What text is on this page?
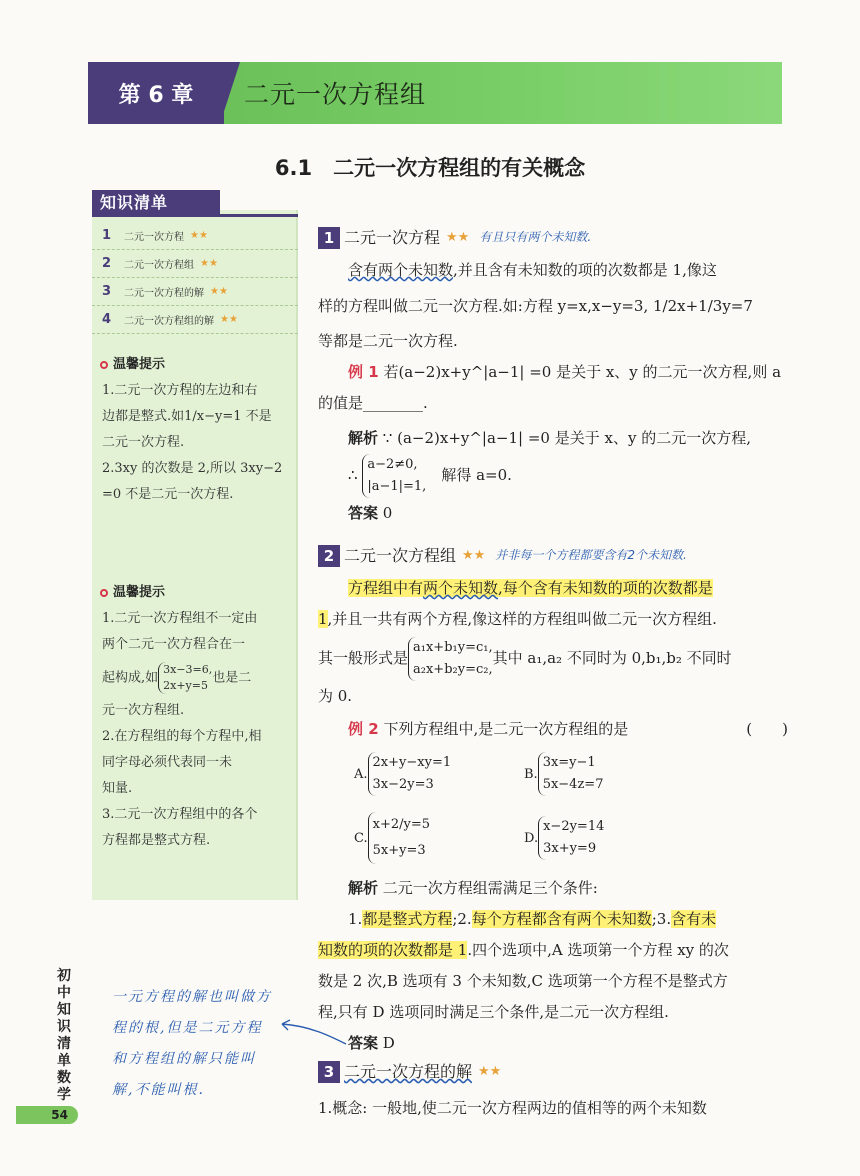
二元一次方程组
第 6 章
6.1　二元一次方程组的有关概念
知识清单
1	二元一次方程 ★★
2	二元一次方程组 ★★
3	二元一次方程的解 ★★
4	二元一次方程组的解 ★★
温馨提示

1.二元一次方程的左边和右

边都是整式.如1/x−y=1 不是

二元一次方程.

2.3xy 的次数是 2,所以 3xy−2

=0 不是二元一次方程.

温馨提示

1.二元一次方程组不一定由

两个二元一次方程合在一

起构成,如3x−3=6,
2x+y=5 也是二

元一次方程组.

2.在方程组的每个方程中,相

同字母必须代表同一未

知量.

3.二元一次方程组中的各个

方程都是整式方程.

初中知识清单　数学
一元方程的解也叫做方
程的根,但是二元方程
和方程组的解只能叫
解,不能叫根.
54
1 二元一次方程 ★★ 有且只有两个未知数.

含有两个未知数,并且含有未知数的项的次数都是 1,像这

样的方程叫做二元一次方程.如:方程 y=x,x−y=3, 1/2x+1/3y=7

等都是二元一次方程.

例 1 若(a−2)x+y^|a−1| =0 是关于 x、y 的二元一次方程,则 a

的值是________.

解析 ∵ (a−2)x+y^|a−1| =0 是关于 x、y 的二元一次方程,

∴ a−2≠0,
|a−1|=1,　解得 a=0.

答案 0

2 二元一次方程组 ★★ 并非每一个方程都要含有2个未知数.

方程组中有两个未知数,每个含有未知数的项的次数都是

1,并且一共有两个方程,像这样的方程组叫做二元一次方程组.

其一般形式是a₁x+b₁y=c₁,
a₂x+b₂y=c₂,其中 a₁,a₂ 不同时为 0,b₁,b₂ 不同时

为 0.

例 2 下列方程组中,是二元一次方程组的是	(　　)

A.
2x+y−xy=1
3x−2y=3
B.
3x=y−1
5x−4z=7
C.
x+2/y=5
5x+y=3
D.
x−2y=14
3x+y=9

解析 二元一次方程组需满足三个条件:

1.都是整式方程;2.每个方程都含有两个未知数;3.含有未

知数的项的次数都是 1.四个选项中,A 选项第一个方程 xy 的次

数是 2 次,B 选项有 3 个未知数,C 选项第一个方程不是整式方

程,只有 D 选项同时满足三个条件,是二元一次方程组.

答案 D

3 二元一次方程的解 ★★

1.概念: 一般地,使二元一次方程两边的值相等的两个未知数
